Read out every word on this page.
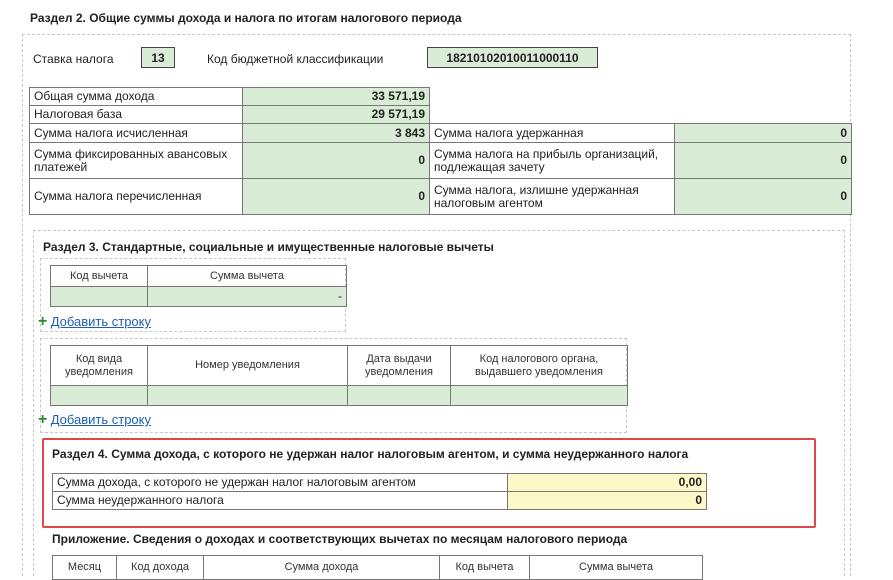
Раздел 2. Общие суммы дохода и налога по итогам налогового периода
Ставка налога	13	Код бюджетной классификации	18210102010011000110
Общая сумма дохода	33 571,19		
Налоговая база	29 571,19		
Сумма налога исчисленная	3 843	Сумма налога удержанная	0
Сумма фиксированных авансовых платежей	0	Сумма налога на прибыль организаций, подлежащая зачету	0
Сумма налога перечисленная	0	Сумма налога, излишне удержанная налоговым агентом	0
Раздел 3. Стандартные, социальные и имущественные налоговые вычеты
Код вычета	Сумма вычета
	-
+ Добавить строку
Код вида уведомления	Номер уведомления	Дата выдачи уведомления	Код налогового органа, выдавшего уведомления

+ Добавить строку
Раздел 4. Сумма дохода, с которого не удержан налог налоговым агентом, и сумма неудержанного налога
Сумма дохода, с которого не удержан налог налоговым агентом	0,00
Сумма неудержанного налога	0
Приложение. Сведения о доходах и соответствующих вычетах по месяцам налогового периода
Месяц	Код дохода	Сумма дохода	Код вычета	Сумма вычета
